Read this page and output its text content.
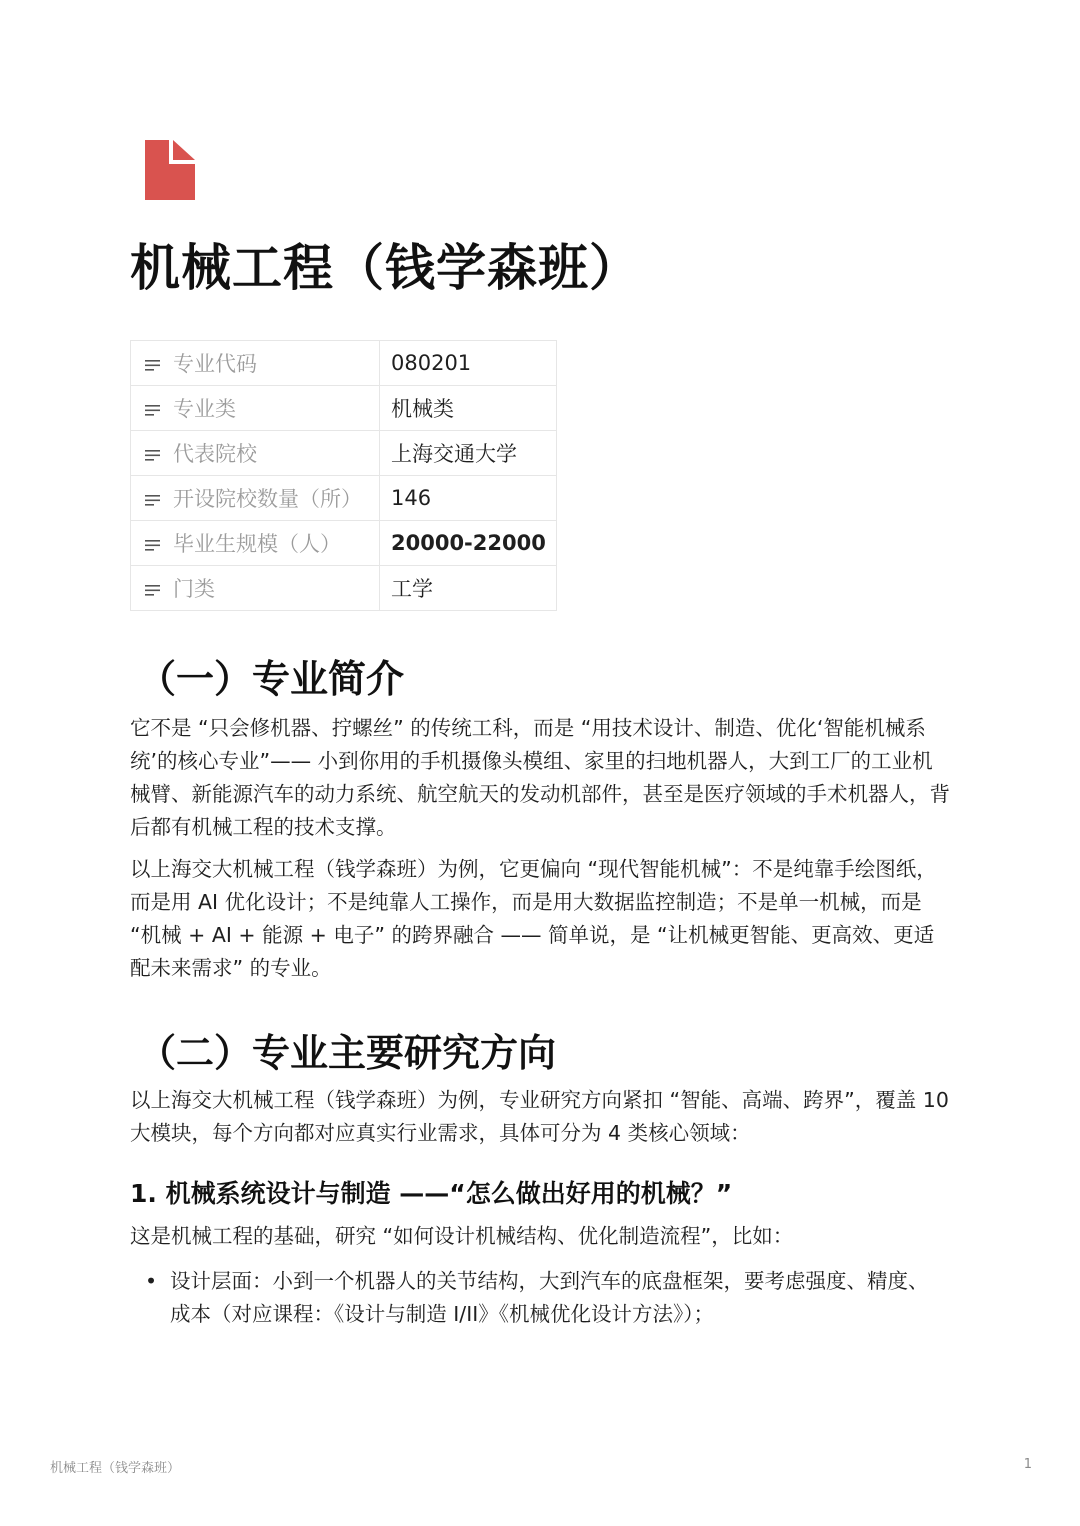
机械工程（钱学森班）
专业代码	080201

专业类	机械类

代表院校	上海交通大学

开设院校数量（所）	146

毕业生规模（人）	20000-22000

门类	工学
（一）专业简介

它不是 “只会修机器、拧螺丝” 的传统工科，而是 “用技术设计、制造、优化‘智能机械系统’的核心专业”—— 小到你用的手机摄像头模组、家里的扫地机器人，大到工厂的工业机械臂、新能源汽车的动力系统、航空航天的发动机部件，甚至是医疗领域的手术机器人，背后都有机械工程的技术支撑。

以上海交大机械工程（钱学森班）为例，它更偏向 “现代智能机械”：不是纯靠手绘图纸，而是用 AI 优化设计；不是纯靠人工操作，而是用大数据监控制造；不是单一机械，而是 “机械 + AI + 能源 + 电子” 的跨界融合 —— 简单说，是 “让机械更智能、更高效、更适配未来需求” 的专业。

（二）专业主要研究方向

以上海交大机械工程（钱学森班）为例，专业研究方向紧扣 “智能、高端、跨界”，覆盖 10 大模块，每个方向都对应真实行业需求，具体可分为 4 类核心领域：

1. 机械系统设计与制造 ——“怎么做出好用的机械？”

这是机械工程的基础，研究 “如何设计机械结构、优化制造流程”，比如：

• 设计层面：小到一个机器人的关节结构，大到汽车的底盘框架，要考虑强度、精度、成本（对应课程：《设计与制造 I/II》《机械优化设计方法》）；
机械工程（钱学森班）	1
